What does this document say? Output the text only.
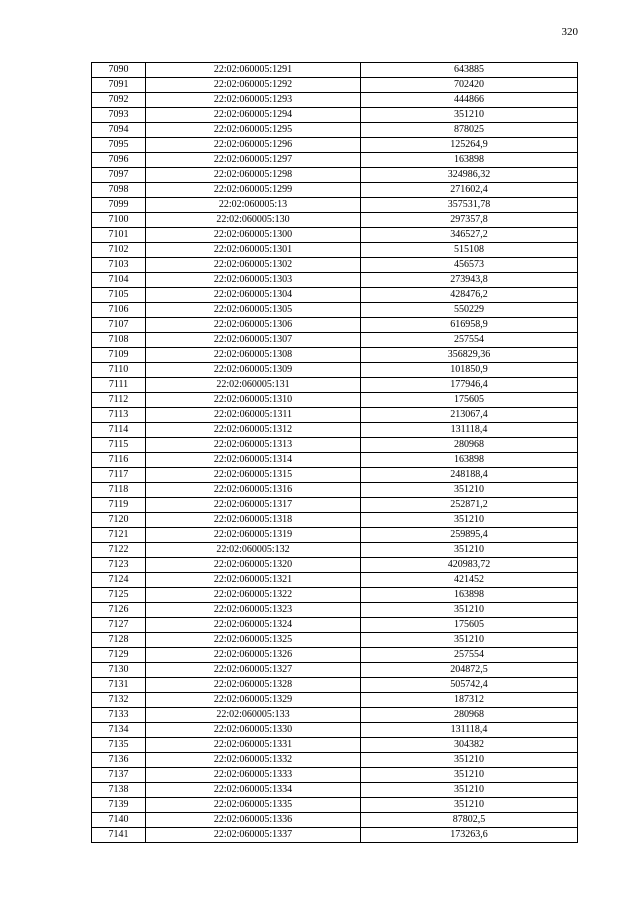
320
7090	22:02:060005:1291	643885
7091	22:02:060005:1292	702420
7092	22:02:060005:1293	444866
7093	22:02:060005:1294	351210
7094	22:02:060005:1295	878025
7095	22:02:060005:1296	125264,9
7096	22:02:060005:1297	163898
7097	22:02:060005:1298	324986,32
7098	22:02:060005:1299	271602,4
7099	22:02:060005:13	357531,78
7100	22:02:060005:130	297357,8
7101	22:02:060005:1300	346527,2
7102	22:02:060005:1301	515108
7103	22:02:060005:1302	456573
7104	22:02:060005:1303	273943,8
7105	22:02:060005:1304	428476,2
7106	22:02:060005:1305	550229
7107	22:02:060005:1306	616958,9
7108	22:02:060005:1307	257554
7109	22:02:060005:1308	356829,36
7110	22:02:060005:1309	101850,9
7111	22:02:060005:131	177946,4
7112	22:02:060005:1310	175605
7113	22:02:060005:1311	213067,4
7114	22:02:060005:1312	131118,4
7115	22:02:060005:1313	280968
7116	22:02:060005:1314	163898
7117	22:02:060005:1315	248188,4
7118	22:02:060005:1316	351210
7119	22:02:060005:1317	252871,2
7120	22:02:060005:1318	351210
7121	22:02:060005:1319	259895,4
7122	22:02:060005:132	351210
7123	22:02:060005:1320	420983,72
7124	22:02:060005:1321	421452
7125	22:02:060005:1322	163898
7126	22:02:060005:1323	351210
7127	22:02:060005:1324	175605
7128	22:02:060005:1325	351210
7129	22:02:060005:1326	257554
7130	22:02:060005:1327	204872,5
7131	22:02:060005:1328	505742,4
7132	22:02:060005:1329	187312
7133	22:02:060005:133	280968
7134	22:02:060005:1330	131118,4
7135	22:02:060005:1331	304382
7136	22:02:060005:1332	351210
7137	22:02:060005:1333	351210
7138	22:02:060005:1334	351210
7139	22:02:060005:1335	351210
7140	22:02:060005:1336	87802,5
7141	22:02:060005:1337	173263,6
